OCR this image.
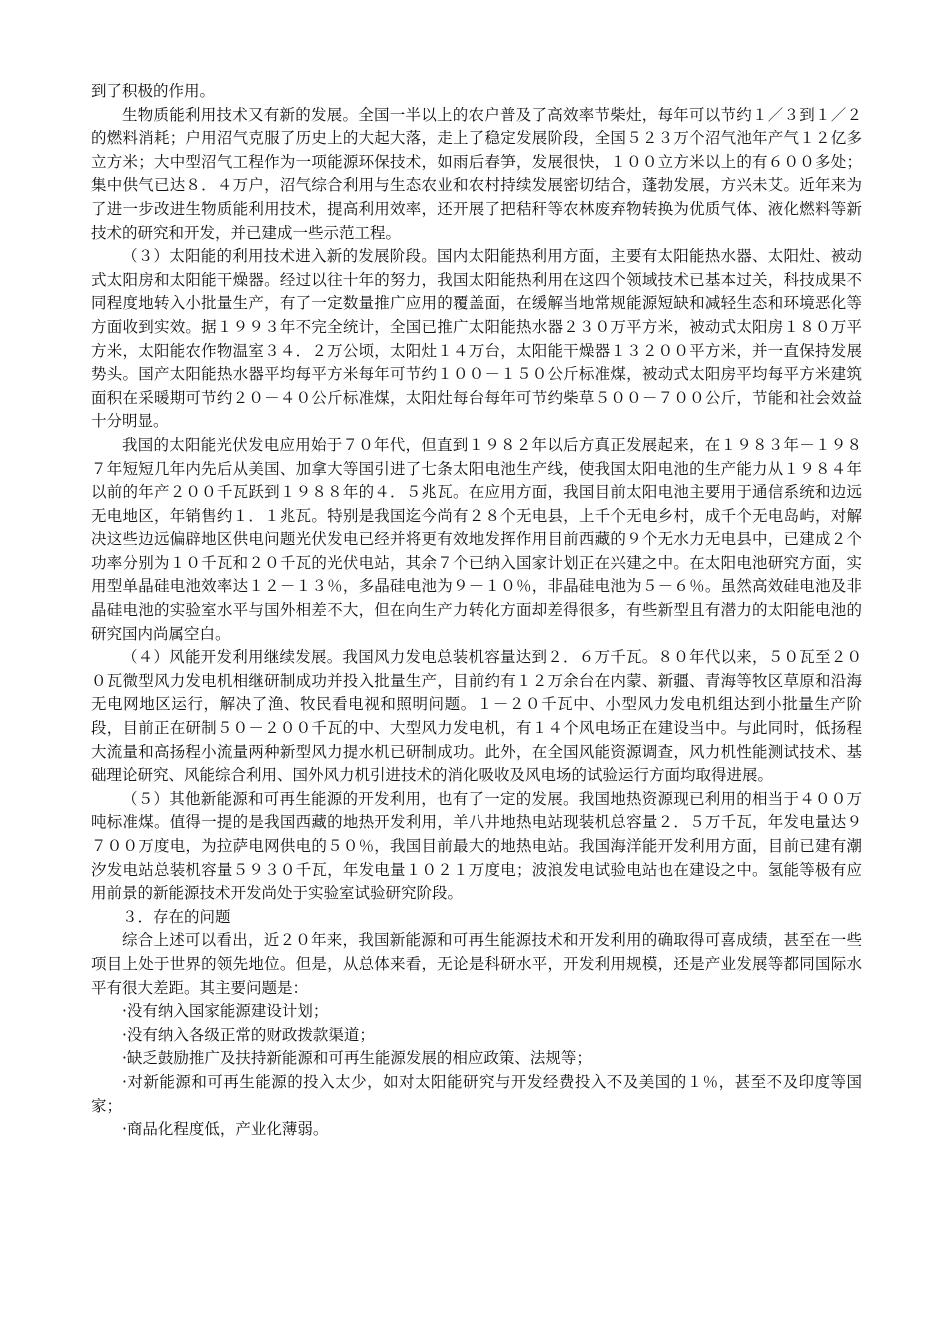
到了积极的作用。

生物质能利用技术又有新的发展。全国一半以上的农户普及了高效率节柴灶，每年可以节约１／３到１／２的燃料消耗；户用沼气克服了历史上的大起大落，走上了稳定发展阶段，全国５２３万个沼气池年产气１２亿多立方米；大中型沼气工程作为一项能源环保技术，如雨后春笋，发展很快，１００立方米以上的有６００多处；集中供气已达８．４万户，沼气综合利用与生态农业和农村持续发展密切结合，蓬勃发展，方兴未艾。近年来为了进一步改进生物质能利用技术，提高利用效率，还开展了把秸秆等农林废弃物转换为优质气体、液化燃料等新技术的研究和开发，并已建成一些示范工程。

（３）太阳能的利用技术进入新的发展阶段。国内太阳能热利用方面，主要有太阳能热水器、太阳灶、被动式太阳房和太阳能干燥器。经过以往十年的努力，我国太阳能热利用在这四个领域技术已基本过关，科技成果不同程度地转入小批量生产，有了一定数量推广应用的覆盖面，在缓解当地常规能源短缺和减轻生态和环境恶化等方面收到实效。据１９９３年不完全统计，全国已推广太阳能热水器２３０万平方米，被动式太阳房１８０万平方米，太阳能农作物温室３４．２万公顷，太阳灶１４万台，太阳能干燥器１３２００平方米，并一直保持发展势头。国产太阳能热水器平均每平方米每年可节约１００－１５０公斤标准煤，被动式太阳房平均每平方米建筑面积在采暖期可节约２０－４０公斤标准煤，太阳灶每台每年可节约柴草５００－７００公斤，节能和社会效益十分明显。

我国的太阳能光伏发电应用始于７０年代，但直到１９８２年以后方真正发展起来，在１９８３年－１９８７年短短几年内先后从美国、加拿大等国引进了七条太阳电池生产线，使我国太阳电池的生产能力从１９８４年以前的年产２００千瓦跃到１９８８年的４．５兆瓦。在应用方面，我国目前太阳电池主要用于通信系统和边远无电地区，年销售约１．１兆瓦。特别是我国迄今尚有２８个无电县，上千个无电乡村，成千个无电岛屿，对解决这些边远偏辟地区供电问题光伏发电已经并将更有效地发挥作用目前西藏的９个无水力无电县中，已建成２个功率分别为１０千瓦和２０千瓦的光伏电站，其余７个已纳入国家计划正在兴建之中。在太阳电池研究方面，实用型单晶硅电池效率达１２－１３％，多晶硅电池为９－１０％，非晶硅电池为５－６％。虽然高效硅电池及非晶硅电池的实验室水平与国外相差不大，但在向生产力转化方面却差得很多，有些新型且有潜力的太阳能电池的研究国内尚属空白。

（４）风能开发利用继续发展。我国风力发电总装机容量达到２．６万千瓦。８０年代以来，５０瓦至２００瓦微型风力发电机相继研制成功并投入批量生产，目前约有１２万余台在内蒙、新疆、青海等牧区草原和沿海无电网地区运行，解决了渔、牧民看电视和照明问题。１－２０千瓦中、小型风力发电机组达到小批量生产阶段，目前正在研制５０－２００千瓦的中、大型风力发电机，有１４个风电场正在建设当中。与此同时，低扬程大流量和高扬程小流量两种新型风力提水机已研制成功。此外，在全国风能资源调查，风力机性能测试技术、基础理论研究、风能综合利用、国外风力机引进技术的消化吸收及风电场的试验运行方面均取得进展。

（５）其他新能源和可再生能源的开发利用，也有了一定的发展。我国地热资源现已利用的相当于４００万吨标准煤。值得一提的是我国西藏的地热开发利用，羊八井地热电站现装机总容量２．５万千瓦，年发电量达９７００万度电，为拉萨电网供电的５０％，我国目前最大的地热电站。我国海洋能开发利用方面，目前已建有潮汐发电站总装机容量５９３０千瓦，年发电量１０２１万度电；波浪发电试验电站也在建设之中。氢能等极有应用前景的新能源技术开发尚处于实验室试验研究阶段。

３．存在的问题

综合上述可以看出，近２０年来，我国新能源和可再生能源技术和开发利用的确取得可喜成绩，甚至在一些项目上处于世界的领先地位。但是，从总体来看，无论是科研水平，开发利用规模，还是产业发展等都同国际水平有很大差距。其主要问题是：

·没有纳入国家能源建设计划；

·没有纳入各级正常的财政拨款渠道；

·缺乏鼓励推广及扶持新能源和可再生能源发展的相应政策、法规等；

·对新能源和可再生能源的投入太少，如对太阳能研究与开发经费投入不及美国的１％，甚至不及印度等国家；

·商品化程度低，产业化薄弱。
